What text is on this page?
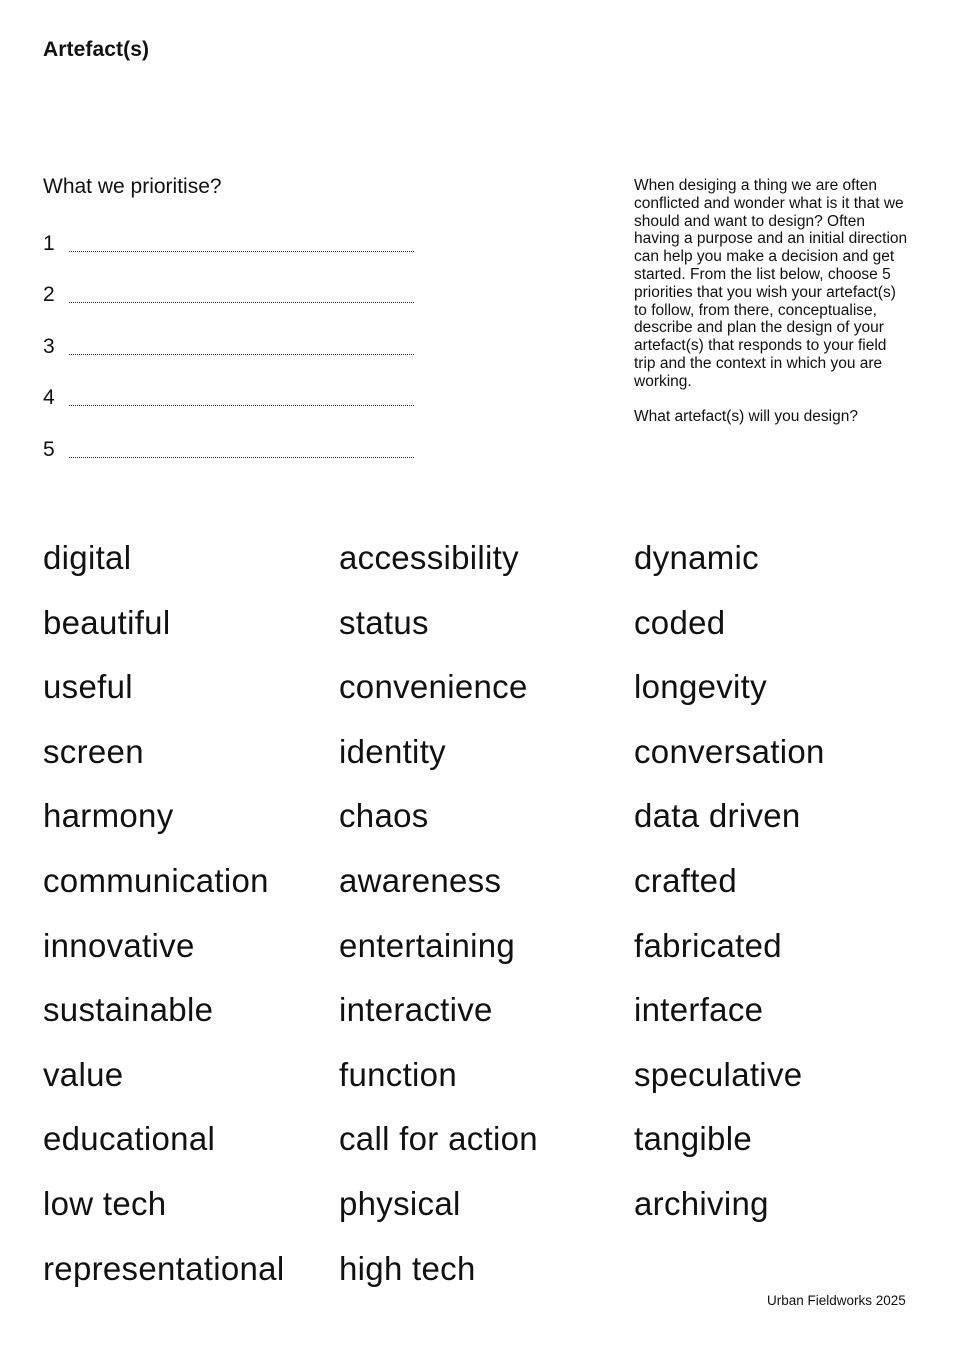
Artefact(s)
What we prioritise?
1
2
3
4
5

When desiging a thing we are often conflicted and wonder what is it that we should and want to design? Often having a purpose and an initial direction can help you make a decision and get started. From the list below, choose 5 priorities that you wish your artefact(s) to follow, from there, conceptualise, describe and plan the design of your artefact(s) that responds to your field trip and the context in which you are working.

What artefact(s) will you design?

digital	accessibility	dynamic
beautiful	status	coded
useful	convenience	longevity
screen	identity	conversation
harmony	chaos	data driven
communication	awareness	crafted
innovative	entertaining	fabricated
sustainable	interactive	interface
value	function	speculative
educational	call for action	tangible
low tech	physical	archiving
representational	high tech
Urban Fieldworks 2025
